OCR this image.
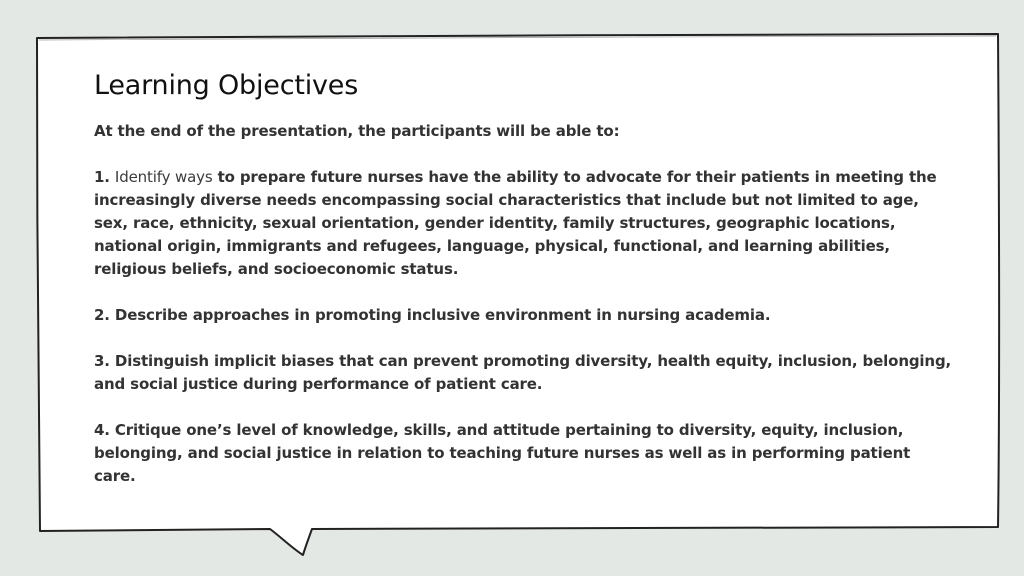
Learning Objectives
At the end of the presentation, the participants will be able to:
1. Identify ways to prepare future nurses have the ability to advocate for their patients in meeting the increasingly diverse needs encompassing social characteristics that include but not limited to age, sex, race, ethnicity, sexual orientation, gender identity, family structures, geographic locations, national origin, immigrants and refugees, language, physical, functional, and learning abilities, religious beliefs, and socioeconomic status.
2. Describe approaches in promoting inclusive environment in nursing academia.
3. Distinguish implicit biases that can prevent promoting diversity, health equity, inclusion, belonging, and social justice during performance of patient care.
4. Critique one’s level of knowledge, skills, and attitude pertaining to diversity, equity, inclusion, belonging, and social justice in relation to teaching future nurses as well as in performing patient care.
